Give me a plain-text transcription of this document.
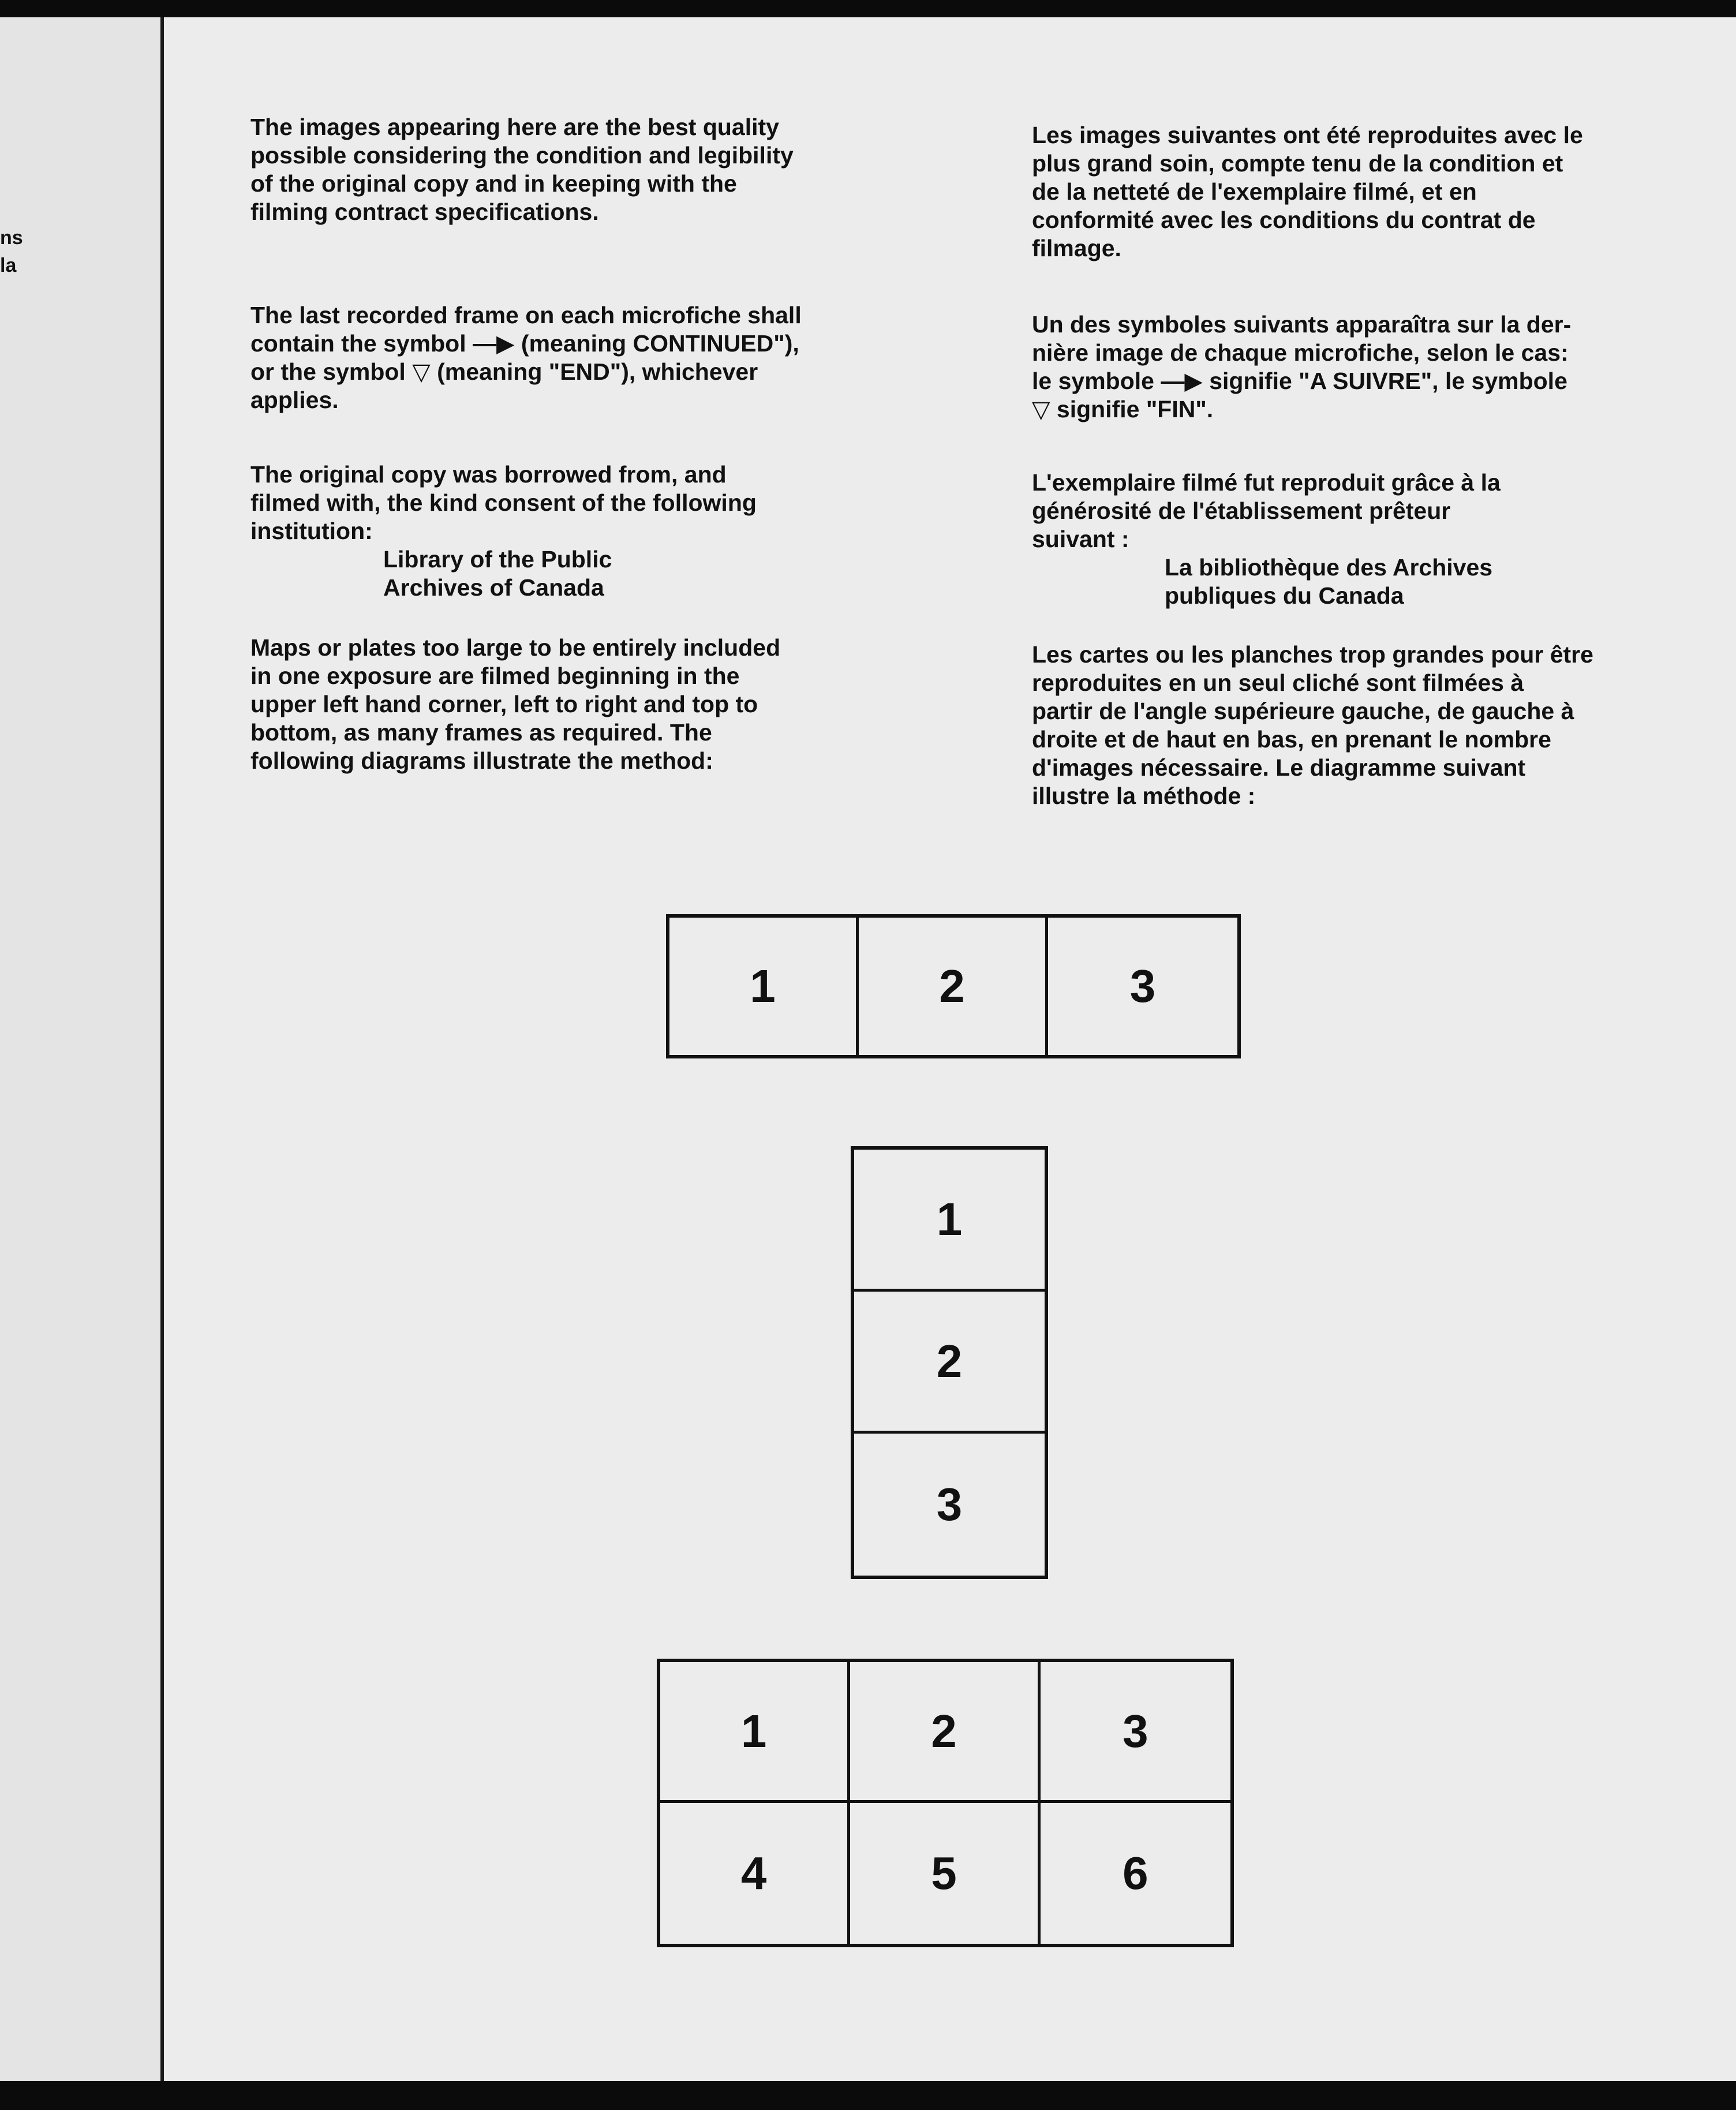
ns
la

The images appearing here are the best quality
possible considering the condition and legibility
of the original copy and in keeping with the
filming contract specifications.

The last recorded frame on each microfiche shall
contain the symbol —▶ (meaning CONTINUED"),
or the symbol ▽ (meaning "END"), whichever
applies.

The original copy was borrowed from, and
filmed with, the kind consent of the following
institution:

Library of the Public
Archives of Canada

Maps or plates too large to be entirely included
in one exposure are filmed beginning in the
upper left hand corner, left to right and top to
bottom, as many frames as required. The
following diagrams illustrate the method:

Les images suivantes ont été reproduites avec le
plus grand soin, compte tenu de la condition et
de la netteté de l'exemplaire filmé, et en
conformité avec les conditions du contrat de
filmage.

Un des symboles suivants apparaîtra sur la der-
nière image de chaque microfiche, selon le cas:
le symbole —▶ signifie "A SUIVRE", le symbole
▽ signifie "FIN".

L'exemplaire filmé fut reproduit grâce à la
générosité de l'établissement prêteur
suivant :

La bibliothèque des Archives
publiques du Canada

Les cartes ou les planches trop grandes pour être
reproduites en un seul cliché sont filmées à
partir de l'angle supérieure gauche, de gauche à
droite et de haut en bas, en prenant le nombre
d'images nécessaire. Le diagramme suivant
illustre la méthode :

1	2	3
1
2
3
1	2	3
4	5	6
